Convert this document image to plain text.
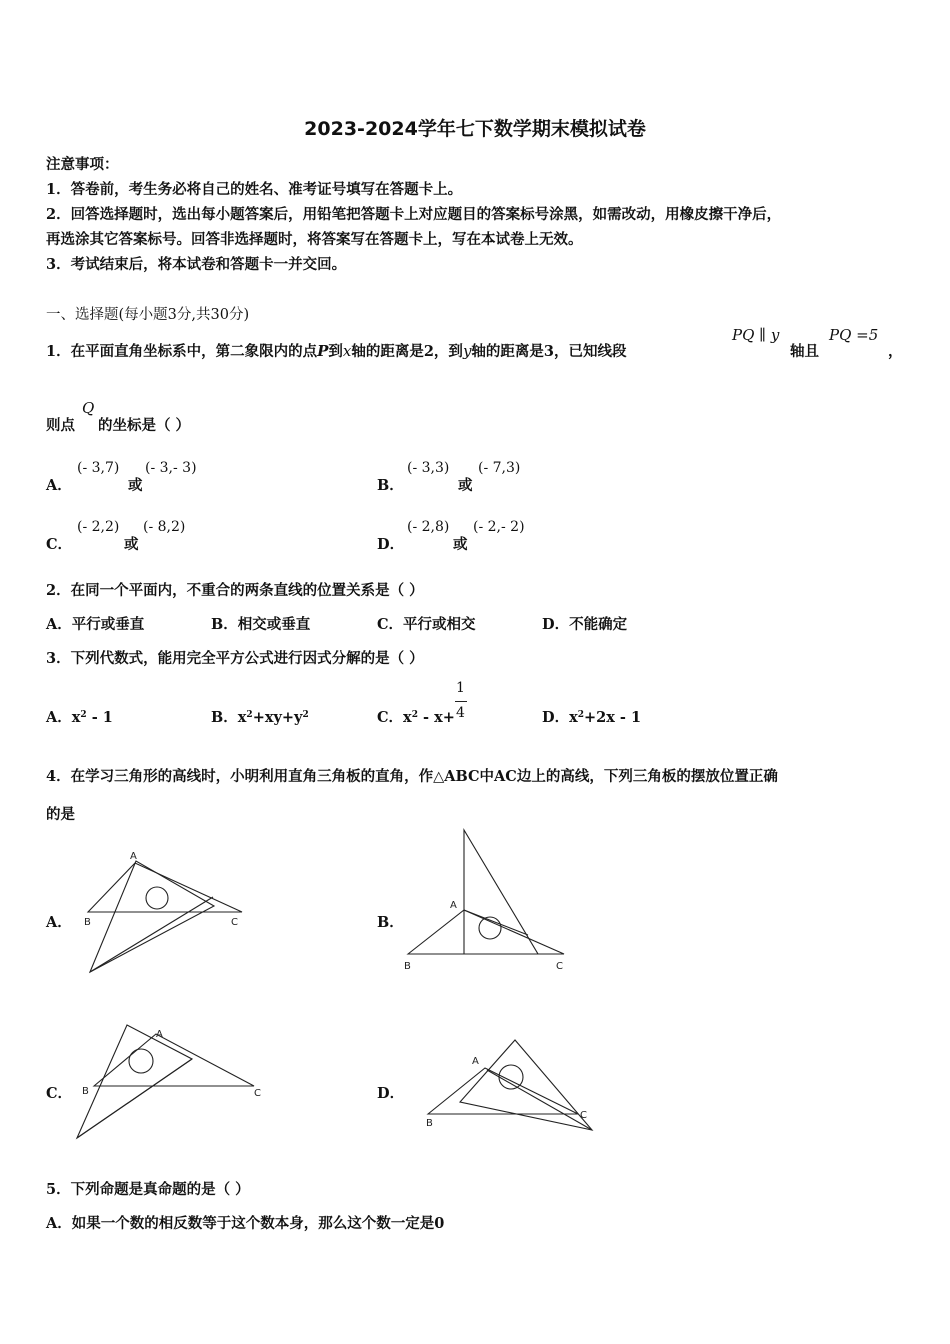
2023-2024学年七下数学期末模拟试卷
注意事项：
1．答卷前，考生务必将自己的姓名、准考证号填写在答题卡上。
2．回答选择题时，选出每小题答案后，用铅笔把答题卡上对应题目的答案标号涂黑，如需改动，用橡皮擦干净后，
再选涂其它答案标号。回答非选择题时，将答案写在答题卡上，写在本试卷上无效。
3．考试结束后，将本试卷和答题卡一并交回。
一、选择题(每小题3分,共30分)
1．在平面直角坐标系中，第二象限内的点P到x轴的距离是2，到y轴的距离是3，已知线段
PQ ∥ y
轴且
PQ =5
，
则点
Q
的坐标是（ ）
A．
(- 3,7)
或
(- 3,- 3)
B．
(- 3,3)
或
(- 7,3)
C．
(- 2,2)
或
(- 8,2)
D．
(- 2,8)
或
(- 2,- 2)
2．在同一个平面内，不重合的两条直线的位置关系是（ ）
A．平行或垂直	B．相交或垂直	C．平行或相交	D．不能确定
3．下列代数式，能用完全平方公式进行因式分解的是（ ）
A．$x^2 - 1$	B．$x^2+xy+y^2$	C．$x^2 - x+$
1
4	D．$x^2+2x - 1$
4．在学习三角形的高线时，小明利用直角三角板的直角，作△ABC中AC边上的高线，下列三角板的摆放位置正确
的是
A．
A
B	C	B．
A
B	C
C．
A
B	C	D．
A
B
C
5．下列命题是真命题的是（ ）
A．如果一个数的相反数等于这个数本身，那么这个数一定是0
